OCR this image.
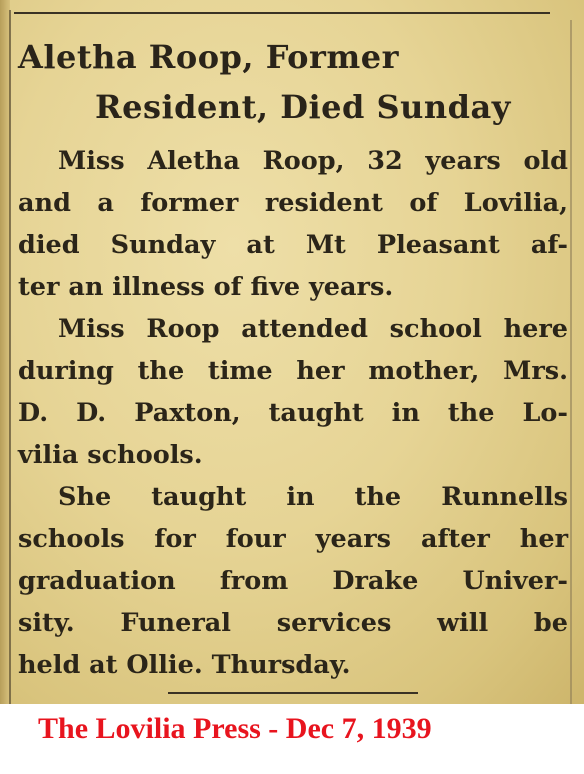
Aletha Roop, Former
Resident, Died Sunday
Miss Aletha Roop, 32 years old
and a former resident of Lovilia,
died Sunday at Mt Pleasant af-
ter an illness of five years.
Miss Roop attended school here
during the time her mother, Mrs.
D. D. Paxton, taught in the Lo-
vilia schools.
She taught in the Runnells
schools for four years after her
graduation from Drake Univer-
sity. Funeral services will be
held at Ollie. Thursday.
The Lovilia Press - Dec 7, 1939
